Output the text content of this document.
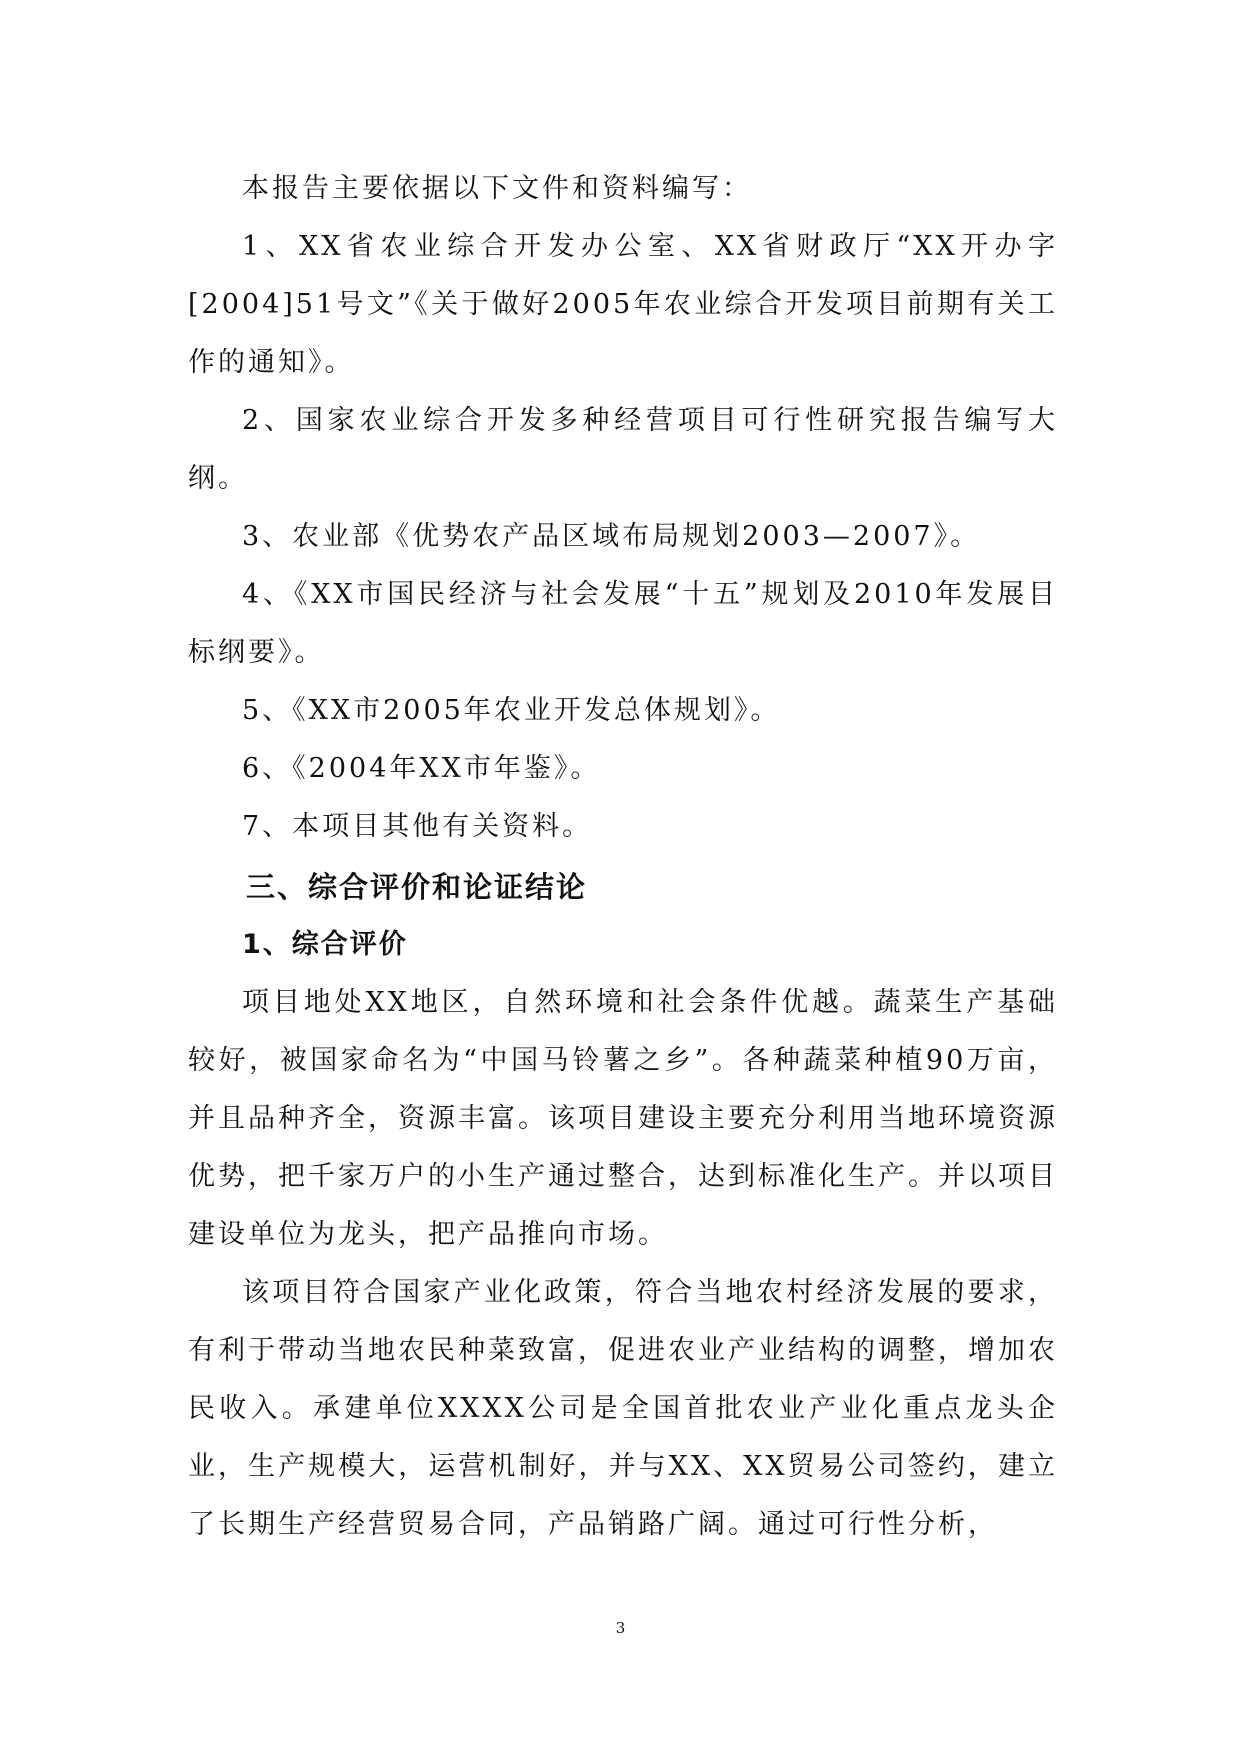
本报告主要依据以下文件和资料编写：

1、XX省农业综合开发办公室、XX省财政厅“XX开办字[2004]51号文”《关于做好2005年农业综合开发项目前期有关工作的通知》。

2、国家农业综合开发多种经营项目可行性研究报告编写大纲。

3、农业部《优势农产品区域布局规划2003—2007》。

4、《XX市国民经济与社会发展“十五”规划及2010年发展目标纲要》。

5、《XX市2005年农业开发总体规划》。

6、《2004年XX市年鉴》。

7、本项目其他有关资料。

三、综合评价和论证结论
1、综合评价

项目地处XX地区，自然环境和社会条件优越。蔬菜生产基础较好，被国家命名为“中国马铃薯之乡”。各种蔬菜种植90万亩，并且品种齐全，资源丰富。该项目建设主要充分利用当地环境资源优势，把千家万户的小生产通过整合，达到标准化生产。并以项目建设单位为龙头，把产品推向市场。

该项目符合国家产业化政策，符合当地农村经济发展的要求，有利于带动当地农民种菜致富，促进农业产业结构的调整，增加农民收入。承建单位XXXX公司是全国首批农业产业化重点龙头企业，生产规模大，运营机制好，并与XX、XX贸易公司签约，建立了长期生产经营贸易合同，产品销路广阔。通过可行性分析，

3
